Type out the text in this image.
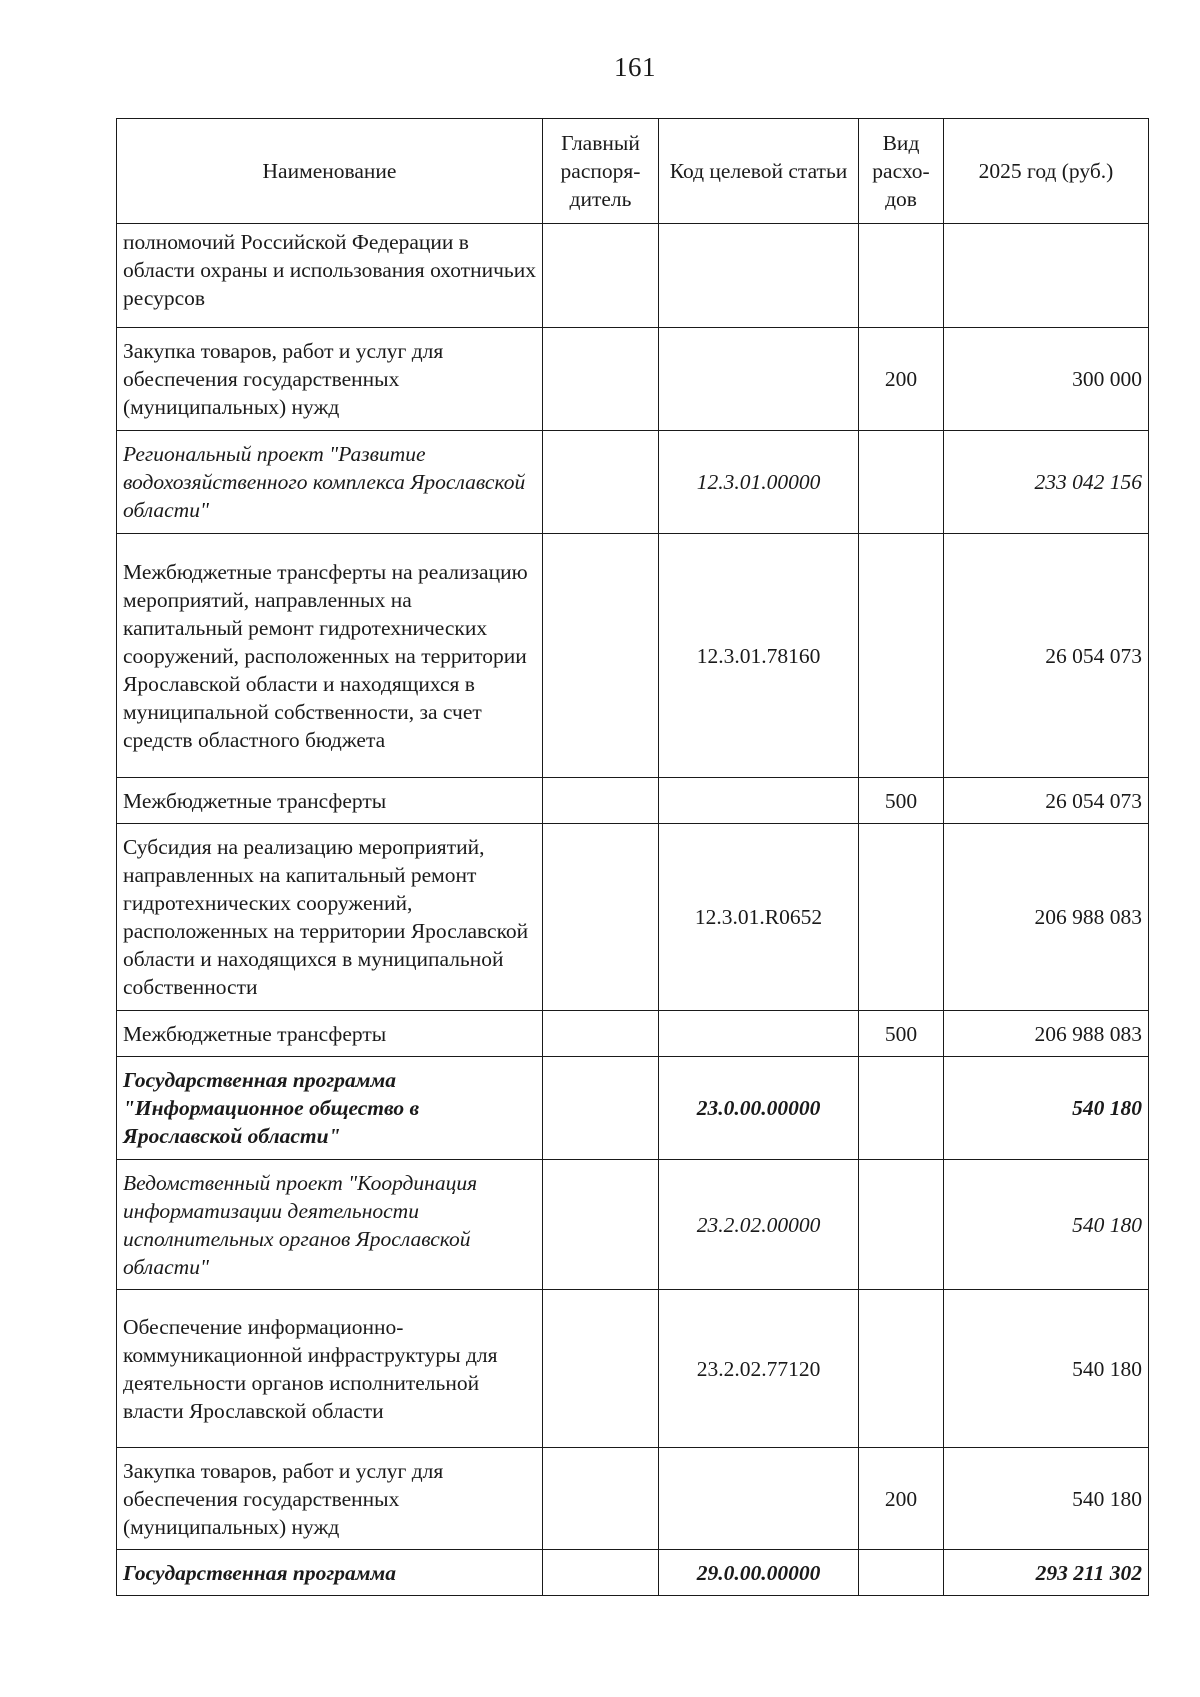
161
Наименование	Главный распоря-дитель	Код целевой статьи	Вид расхо-дов	2025 год (руб.)
полномочий Российской Федерации в области охраны и использования охотничьих ресурсов				
Закупка товаров, работ и услуг для обеспечения государственных (муниципальных) нужд			200	300 000
Региональный проект "Развитие водохозяйственного комплекса Ярославской области"		12.3.01.00000		233 042 156
Межбюджетные трансферты на реализацию мероприятий, направленных на капитальный ремонт гидротехнических сооружений, расположенных на территории Ярославской области и находящихся в муниципальной собственности, за счет средств областного бюджета		12.3.01.78160		26 054 073
Межбюджетные трансферты			500	26 054 073
Субсидия на реализацию мероприятий, направленных на капитальный ремонт гидротехнических сооружений, расположенных на территории Ярославской области и находящихся в муниципальной собственности		12.3.01.R0652		206 988 083
Межбюджетные трансферты			500	206 988 083
Государственная программа "Информационное общество в Ярославской области"		23.0.00.00000		540 180
Ведомственный проект "Координация информатизации деятельности исполнительных органов Ярославской области"		23.2.02.00000		540 180
Обеспечение информационно-коммуникационной инфраструктуры для деятельности органов исполнительной власти Ярославской области		23.2.02.77120		540 180
Закупка товаров, работ и услуг для обеспечения государственных (муниципальных) нужд			200	540 180
Государственная программа		29.0.00.00000		293 211 302
